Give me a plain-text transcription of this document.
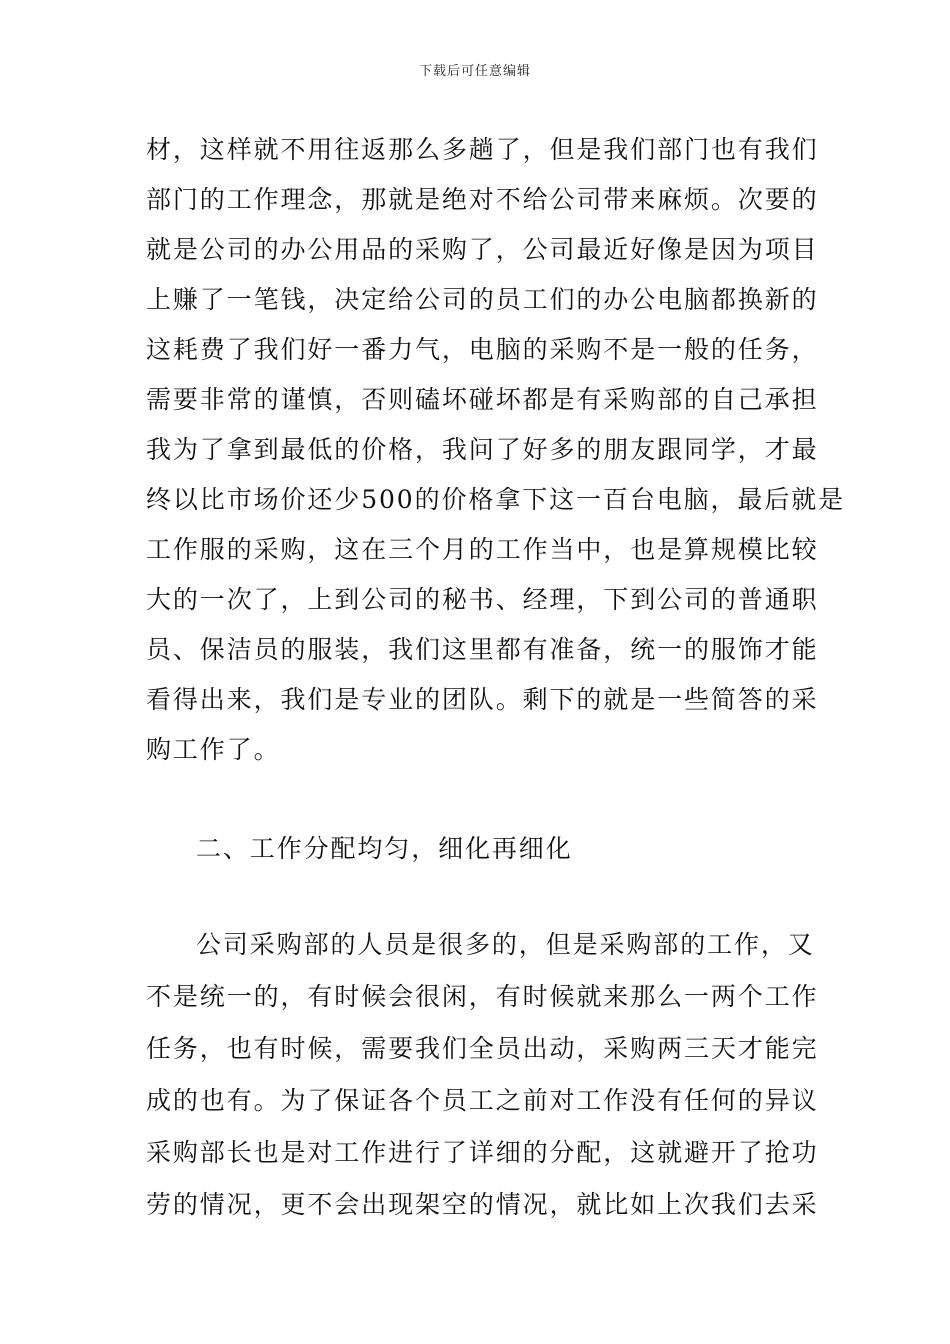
下载后可任意编辑
材，这样就不用往返那么多趟了，但是我们部门也有我们
部门的工作理念，那就是绝对不给公司带来麻烦。次要的
就是公司的办公用品的采购了，公司最近好像是因为项目
上赚了一笔钱，决定给公司的员工们的办公电脑都换新的
这耗费了我们好一番力气，电脑的采购不是一般的任务，
需要非常的谨慎，否则磕坏碰坏都是有采购部的自己承担
我为了拿到最低的价格，我问了好多的朋友跟同学，才最
终以比市场价还少500的价格拿下这一百台电脑，最后就是
工作服的采购，这在三个月的工作当中，也是算规模比较
大的一次了，上到公司的秘书、经理，下到公司的普通职
员、保洁员的服装，我们这里都有准备，统一的服饰才能
看得出来，我们是专业的团队。剩下的就是一些简答的采
购工作了。
二、工作分配均匀，细化再细化
公司采购部的人员是很多的，但是采购部的工作，又
不是统一的，有时候会很闲，有时候就来那么一两个工作
任务，也有时候，需要我们全员出动，采购两三天才能完
成的也有。为了保证各个员工之前对工作没有任何的异议
采购部长也是对工作进行了详细的分配，这就避开了抢功
劳的情况，更不会出现架空的情况，就比如上次我们去采
